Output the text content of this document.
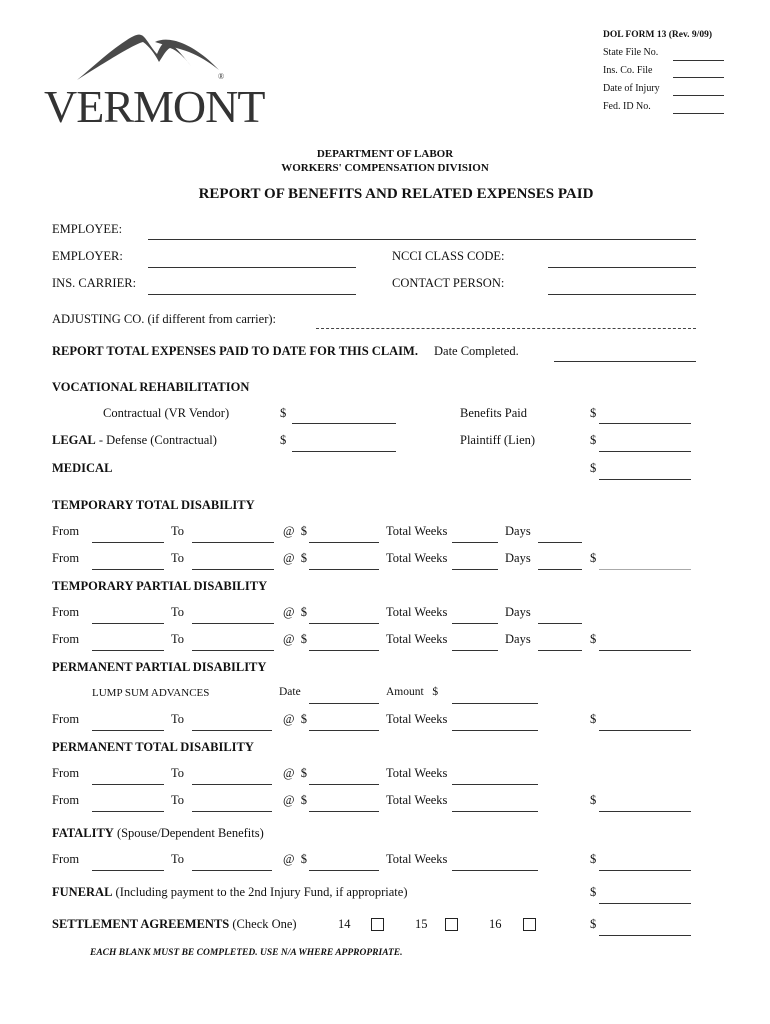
VERMONT
®
DOL FORM 13 (Rev. 9/09)
State File No.
Ins. Co. File
Date of Injury
Fed. ID No.
DEPARTMENT OF LABOR
WORKERS' COMPENSATION DIVISION
REPORT OF BENEFITS AND RELATED EXPENSES PAID
EMPLOYEE:
EMPLOYER:	NCCI CLASS CODE:
INS. CARRIER:	CONTACT PERSON:
ADJUSTING CO. (if different from carrier):
REPORT TOTAL EXPENSES PAID TO DATE FOR THIS CLAIM. Date Completed.
VOCATIONAL REHABILITATION
Contractual (VR Vendor)	$	Benefits Paid	$
LEGAL - Defense (Contractual)	$	Plaintiff (Lien)	$
MEDICAL	$
TEMPORARY TOTAL DISABILITY
From	To	@ $	Total Weeks	Days
From	To	@ $	Total Weeks	Days	$
TEMPORARY PARTIAL DISABILITY
From	To	@ $	Total Weeks	Days
From	To	@ $	Total Weeks	Days	$
PERMANENT PARTIAL DISABILITY
LUMP SUM ADVANCES	Date	Amount $
From	To	@ $	Total Weeks	$
PERMANENT TOTAL DISABILITY
From	To	@ $	Total Weeks
From	To	@ $	Total Weeks	$
FATALITY (Spouse/Dependent Benefits)
From	To	@ $	Total Weeks	$
FUNERAL (Including payment to the 2nd Injury Fund, if appropriate)	$
SETTLEMENT AGREEMENTS (Check One)	14	15	16	$
EACH BLANK MUST BE COMPLETED. USE N/A WHERE APPROPRIATE.
